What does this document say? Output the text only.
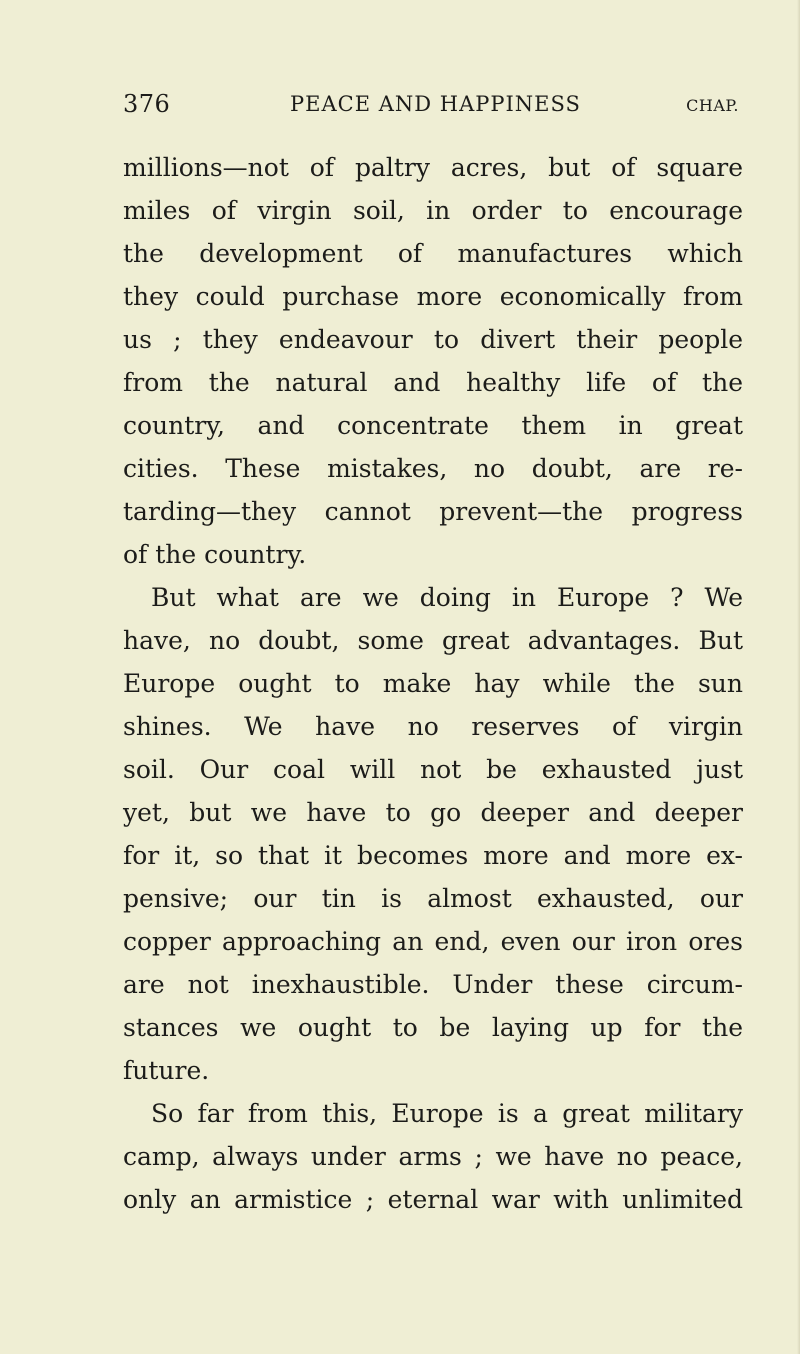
376	PEACE AND HAPPINESS	CHAP.
millions—not of paltry acres, but of square
miles of virgin soil, in order to encourage
the development of manufactures which
they could purchase more economically from
us ; they endeavour to divert their people
from the natural and healthy life of the
country, and concentrate them in great
cities. These mistakes, no doubt, are re-
tarding—they cannot prevent—the progress
of the country.
But what are we doing in Europe ? We
have, no doubt, some great advantages. But
Europe ought to make hay while the sun
shines. We have no reserves of virgin
soil. Our coal will not be exhausted just
yet, but we have to go deeper and deeper
for it, so that it becomes more and more ex-
pensive; our tin is almost exhausted, our
copper approaching an end, even our iron ores
are not inexhaustible. Under these circum-
stances we ought to be laying up for the
future.
So far from this, Europe is a great military
camp, always under arms ; we have no peace,
only an armistice ; eternal war with unlimited
